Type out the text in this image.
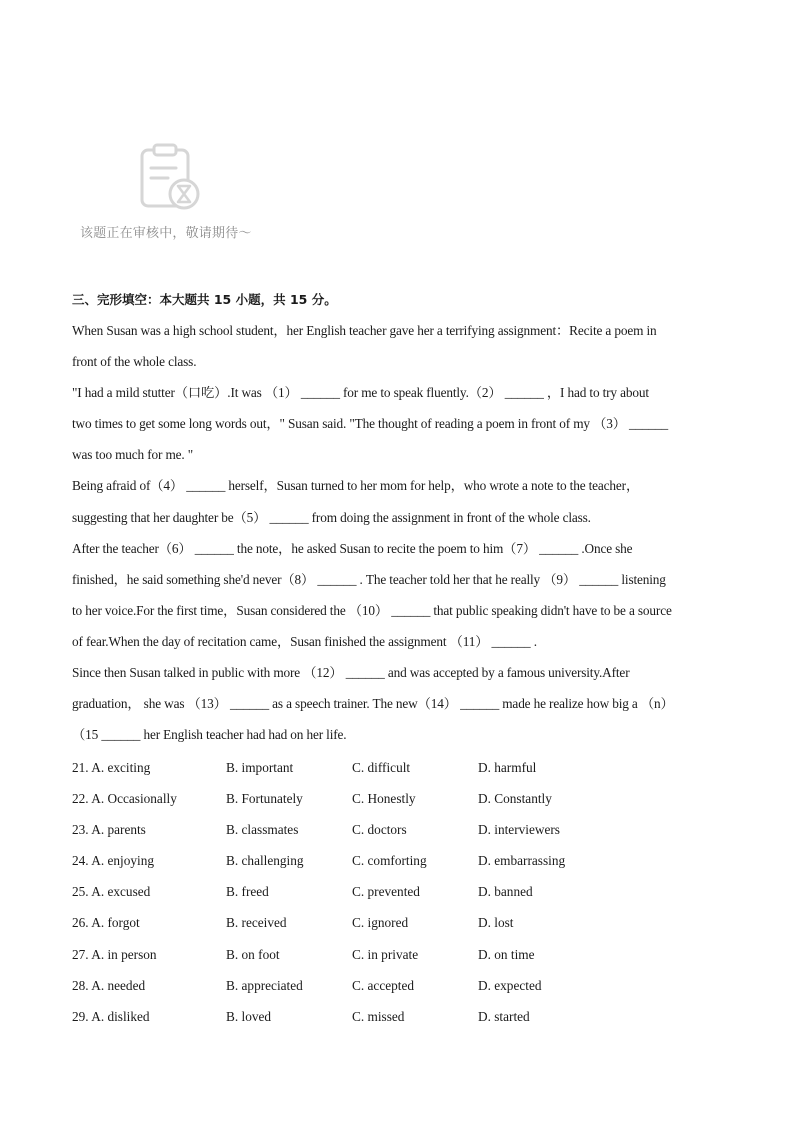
该题正在审核中，敬请期待～
三、完形填空：本大题共 15 小题，共 15 分。
When Susan was a high school student，her English teacher gave her a terrifying assignment：Recite a poem in
front of the whole class.
"I had a mild stutter（口吃）.It was （1） ______ for me to speak fluently.（2） ______ ，I had to try about
two times to get some long words out，" Susan said. "The thought of reading a poem in front of my （3） ______
was too much for me. "
Being afraid of（4） ______ herself，Susan turned to her mom for help，who wrote a note to the teacher，
suggesting that her daughter be（5） ______ from doing the assignment in front of the whole class.
After the teacher（6） ______ the note，he asked Susan to recite the poem to him（7） ______ .Once she
finished，he said something she'd never（8） ______ . The teacher told her that he really （9） ______ listening
to her voice.For the first time，Susan considered the （10） ______ that public speaking didn't have to be a source
of fear.When the day of recitation came，Susan finished the assignment （11） ______ .
Since then Susan talked in public with more （12） ______ and was accepted by a famous university.After
graduation， she was （13） ______ as a speech trainer. The new（14） ______ made he realize how big a （n）
（15 ______ her English teacher had had on her life.
21. A. exciting	B. important	C. difficult	D. harmful
22. A. Occasionally	B. Fortunately	C. Honestly	D. Constantly
23. A. parents	B. classmates	C. doctors	D. interviewers
24. A. enjoying	B. challenging	C. comforting	D. embarrassing
25. A. excused	B. freed	C. prevented	D. banned
26. A. forgot	B. received	C. ignored	D. lost
27. A. in person	B. on foot	C. in private	D. on time
28. A. needed	B. appreciated	C. accepted	D. expected
29. A. disliked	B. loved	C. missed	D. started
